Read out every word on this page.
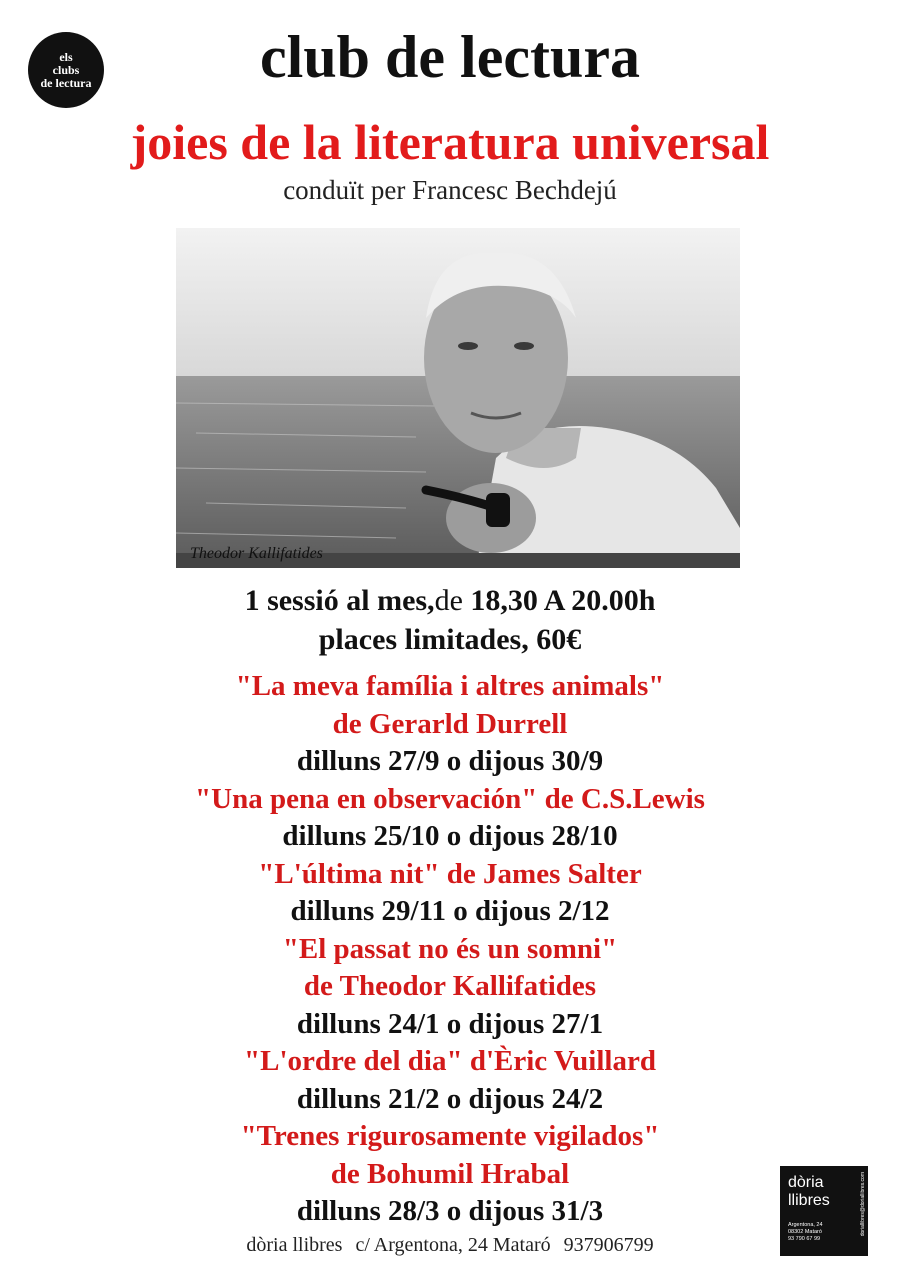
els
clubs
de lectura	club de lectura
joies de la literatura universal
conduït per Francesc Bechdejú
Theodor Kallifatides
1 sessió al mes,de 18,30 A 20.00h
places limitades, 60€
"La meva família i altres animals"
de Gerarld Durrell
dilluns 27/9 o dijous 30/9
"Una pena en observación" de C.S.Lewis
dilluns 25/10 o dijous 28/10
"L'última nit" de James Salter
dilluns 29/11 o dijous 2/12
"El passat no és un somni"
de Theodor Kallifatides
dilluns 24/1 o dijous 27/1
"L'ordre del dia" d'Èric Vuillard
dilluns 21/2 o dijous 24/2
"Trenes rigurosamente vigilados"
de Bohumil Hrabal
dilluns 28/3 o dijous 31/3
dòria llibres c/ Argentona, 24 Mataró 937906799
dòria
llibres
Argentona, 24
08302 Mataró
93 790 67 99
doriallibres@doriallibres.com
